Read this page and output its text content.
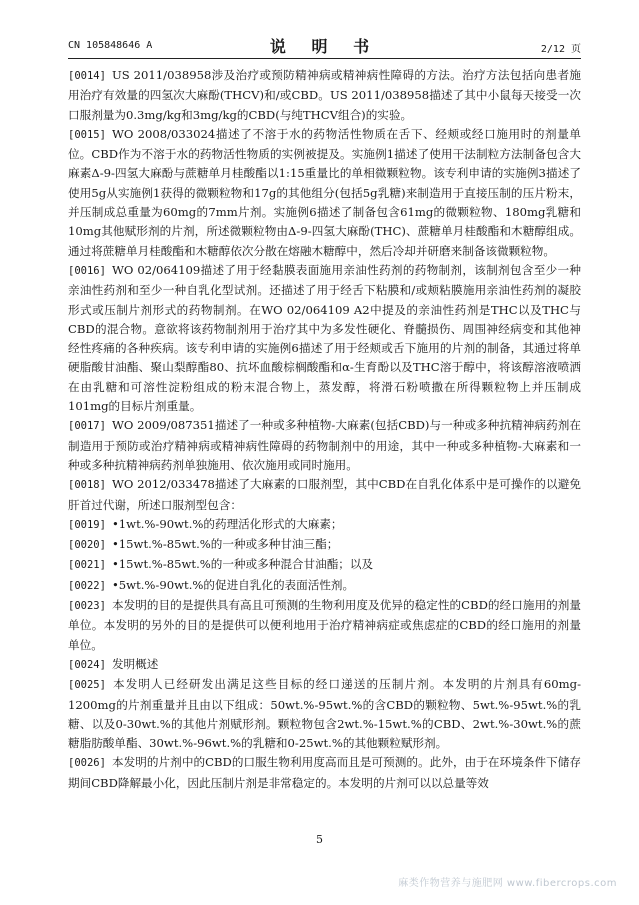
CN 105848646 A	说 明 书	2/12 页

[0014] US 2011/038958涉及治疗或预防精神病或精神病性障碍的方法。治疗方法包括向患者施用治疗有效量的四氢次大麻酚(THCV)和/或CBD。US 2011/038958描述了其中小鼠每天接受一次口服剂量为0.3mg/kg和3mg/kg的CBD(与纯THCV组合)的实验。

[0015] WO 2008/033024描述了不溶于水的药物活性物质在舌下、经颊或经口施用时的剂量单位。CBD作为不溶于水的药物活性物质的实例被提及。实施例1描述了使用干法制粒方法制备包含大麻素Δ-9-四氢大麻酚与蔗糖单月桂酸酯以1:15重量比的单相微颗粒物。该专利申请的实施例3描述了使用5g从实施例1获得的微颗粒物和17g的其他组分(包括5g乳糖)来制造用于直接压制的压片粉末，并压制成总重量为60mg的7mm片剂。实施例6描述了制备包含61mg的微颗粒物、180mg乳糖和10mg其他赋形剂的片剂，所述微颗粒物由Δ-9-四氢大麻酚(THC)、蔗糖单月桂酸酯和木糖醇组成。通过将蔗糖单月桂酸酯和木糖醇依次分散在熔融木糖醇中，然后冷却并研磨来制备该微颗粒物。

[0016] WO 02/064109描述了用于经黏膜表面施用亲油性药剂的药物制剂，该制剂包含至少一种亲油性药剂和至少一种自乳化型试剂。还描述了用于经舌下粘膜和/或颊粘膜施用亲油性药剂的凝胶形式或压制片剂形式的药物制剂。在WO 02/064109 A2中提及的亲油性药剂是THC以及THC与CBD的混合物。意欲将该药物制剂用于治疗其中为多发性硬化、脊髓损伤、周围神经病变和其他神经性疼痛的各种疾病。该专利申请的实施例6描述了用于经颊或舌下施用的片剂的制备，其通过将单硬脂酸甘油酯、聚山梨醇酯80、抗坏血酸棕榈酸酯和α-生育酚以及THC溶于醇中，将该醇溶液喷洒在由乳糖和可溶性淀粉组成的粉末混合物上，蒸发醇，将滑石粉喷撒在所得颗粒物上并压制成101mg的目标片剂重量。

[0017] WO 2009/087351描述了一种或多种植物-大麻素(包括CBD)与一种或多种抗精神病药剂在制造用于预防或治疗精神病或精神病性障碍的药物制剂中的用途，其中一种或多种植物-大麻素和一种或多种抗精神病药剂单独施用、依次施用或同时施用。

[0018] WO 2012/033478描述了大麻素的口服剂型，其中CBD在自乳化体系中是可操作的以避免肝首过代谢，所述口服剂型包含：

[0019] •1wt.%-90wt.%的药理活化形式的大麻素；

[0020] •15wt.%-85wt.%的一种或多种甘油三酯；

[0021] •15wt.%-85wt.%的一种或多种混合甘油酯；以及

[0022] •5wt.%-90wt.%的促进自乳化的表面活性剂。

[0023] 本发明的目的是提供具有高且可预测的生物利用度及优异的稳定性的CBD的经口施用的剂量单位。本发明的另外的目的是提供可以便利地用于治疗精神病症或焦虑症的CBD的经口施用的剂量单位。

[0024] 发明概述

[0025] 本发明人已经研发出满足这些目标的经口递送的压制片剂。本发明的片剂具有60mg-1200mg的片剂重量并且由以下组成：50wt.%-95wt.%的含CBD的颗粒物、5wt.%-95wt.%的乳糖、以及0-30wt.%的其他片剂赋形剂。颗粒物包含2wt.%-15wt.%的CBD、2wt.%-30wt.%的蔗糖脂肪酸单酯、30wt.%-96wt.%的乳糖和0-25wt.%的其他颗粒赋形剂。

[0026] 本发明的片剂中的CBD的口服生物利用度高而且是可预测的。此外，由于在环境条件下储存期间CBD降解最小化，因此压制片剂是非常稳定的。本发明的片剂可以以总量等效

5
麻类作物营养与施肥网 www.fibercrops.com
